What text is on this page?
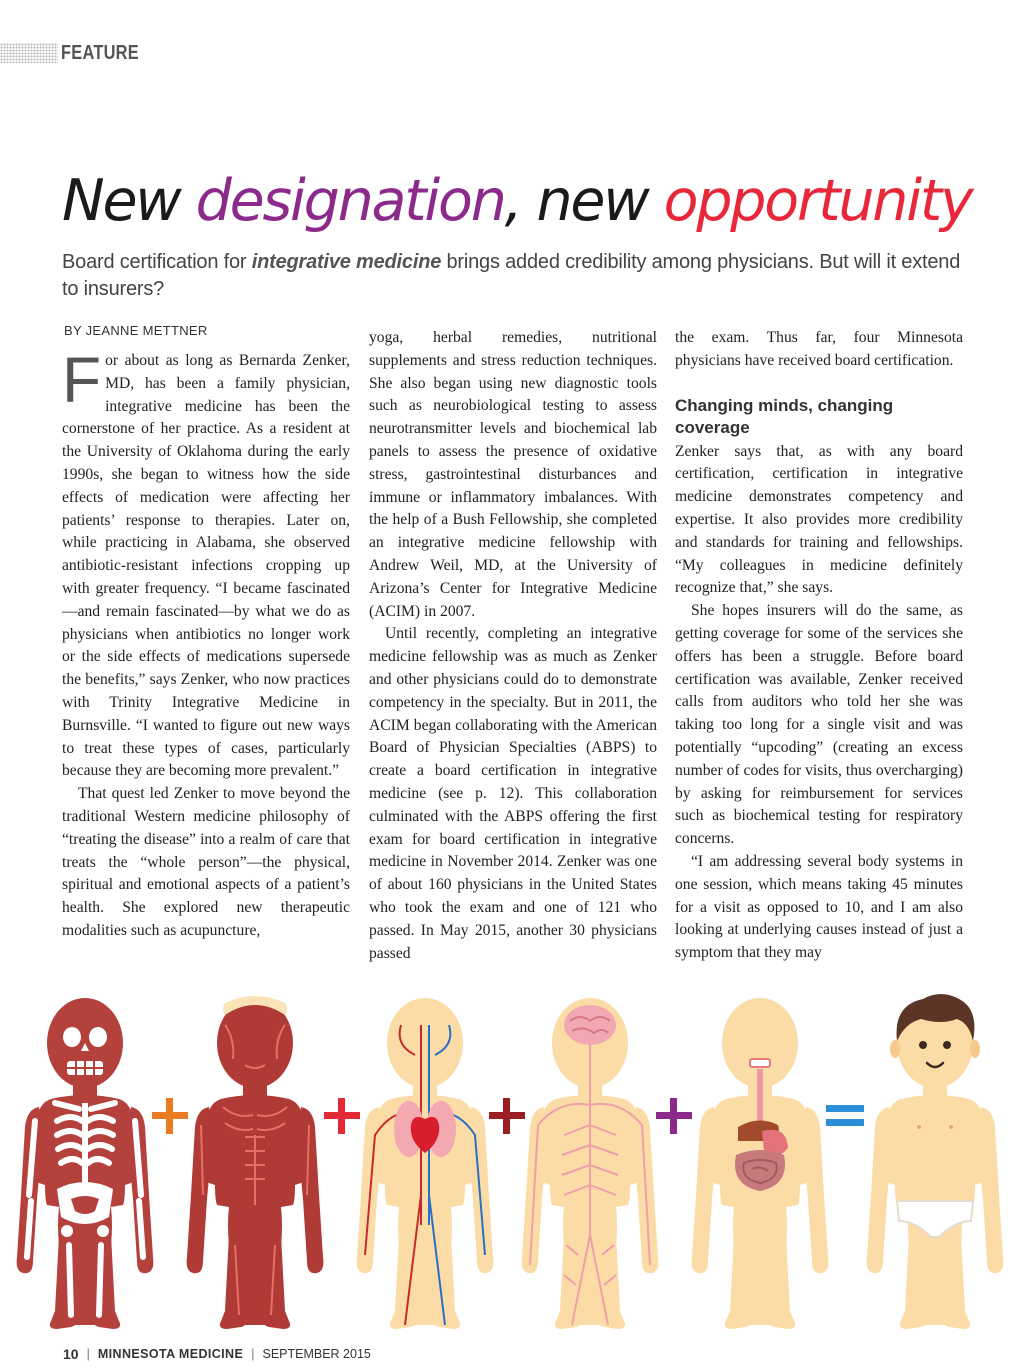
FEATURE
New designation, new opportunity
Board certification for integrative medicine brings added credibility among physicians. But will it extend to insurers?
BY JEANNE METTNER

For about as long as Bernarda Zenker, MD, has been a family physician, integrative medicine has been the cornerstone of her practice. As a resident at the University of Oklahoma during the early 1990s, she began to witness how the side effects of medication were affecting her patients’ response to therapies. Later on, while practicing in Alabama, she observed antibiotic-resistant infections cropping up with greater frequency. “I became fascinated—and remain fascinated—by what we do as physicians when antibiotics no longer work or the side effects of medications supersede the benefits,” says Zenker, who now practices with Trinity Integrative Medicine in Burnsville. “I wanted to figure out new ways to treat these types of cases, particularly because they are becoming more prevalent.”

That quest led Zenker to move beyond the traditional Western medicine philosophy of “treating the disease” into a realm of care that treats the “whole person”—the physical, spiritual and emotional aspects of a patient’s health. She explored new therapeutic modalities such as acupuncture,

yoga, herbal remedies, nutritional supplements and stress reduction techniques. She also began using new diagnostic tools such as neurobiological testing to assess neurotransmitter levels and biochemical lab panels to assess the presence of oxidative stress, gastrointestinal disturbances and immune or inflammatory imbalances. With the help of a Bush Fellowship, she completed an integrative medicine fellowship with Andrew Weil, MD, at the University of Arizona’s Center for Integrative Medicine (ACIM) in 2007.

Until recently, completing an integrative medicine fellowship was as much as Zenker and other physicians could do to demonstrate competency in the specialty. But in 2011, the ACIM began collaborating with the American Board of Physician Specialties (ABPS) to create a board certification in integrative medicine (see p. 12). This collaboration culminated with the ABPS offering the first exam for board certification in integrative medicine in November 2014. Zenker was one of about 160 physicians in the United States who took the exam and one of 121 who passed. In May 2015, another 30 physicians passed

the exam. Thus far, four Minnesota physicians have received board certification.

Changing minds, changing coverage

Zenker says that, as with any board certification, certification in integrative medicine demonstrates competency and expertise. It also provides more credibility and standards for training and fellowships. “My colleagues in medicine definitely recognize that,” she says.

She hopes insurers will do the same, as getting coverage for some of the services she offers has been a struggle. Before board certification was available, Zenker received calls from auditors who told her she was taking too long for a single visit and was potentially “upcoding” (creating an excess number of codes for visits, thus overcharging) by asking for reimbursement for services such as biochemical testing for respiratory concerns.

“I am addressing several body systems in one session, which means taking 45 minutes for a visit as opposed to 10, and I am also looking at underlying causes instead of just a symptom that they may

10 | MINNESOTA MEDICINE | SEPTEMBER 2015
